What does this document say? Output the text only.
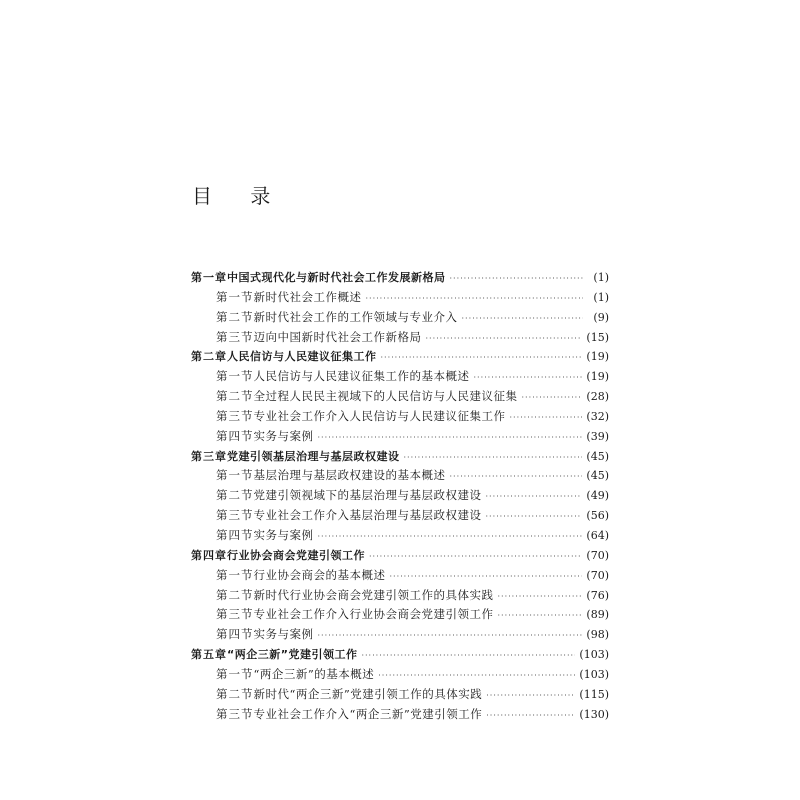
目 录
第一章 中国式现代化与新时代社会工作发展新格局 ·····	(1)
第一节 新时代社会工作概述 ·····	(1)
第二节 新时代社会工作的工作领域与专业介入 ·····	(9)
第三节 迈向中国新时代社会工作新格局 ·····	(15)
第二章 人民信访与人民建议征集工作 ·····	(19)
第一节 人民信访与人民建议征集工作的基本概述 ·····	(19)
第二节 全过程人民民主视域下的人民信访与人民建议征集 ·····	(28)
第三节 专业社会工作介入人民信访与人民建议征集工作 ·····	(32)
第四节 实务与案例 ·····	(39)
第三章 党建引领基层治理与基层政权建设 ·····	(45)
第一节 基层治理与基层政权建设的基本概述 ·····	(45)
第二节 党建引领视域下的基层治理与基层政权建设 ·····	(49)
第三节 专业社会工作介入基层治理与基层政权建设 ·····	(56)
第四节 实务与案例 ·····	(64)
第四章 行业协会商会党建引领工作 ·····	(70)
第一节 行业协会商会的基本概述 ·····	(70)
第二节 新时代行业协会商会党建引领工作的具体实践 ·····	(76)
第三节 专业社会工作介入行业协会商会党建引领工作 ·····	(89)
第四节 实务与案例 ·····	(98)
第五章 “两企三新”党建引领工作 ·····	(103)
第一节 “两企三新”的基本概述 ·····	(103)
第二节 新时代“两企三新”党建引领工作的具体实践 ·····	(115)
第三节 专业社会工作介入“两企三新”党建引领工作 ·····	(130)
